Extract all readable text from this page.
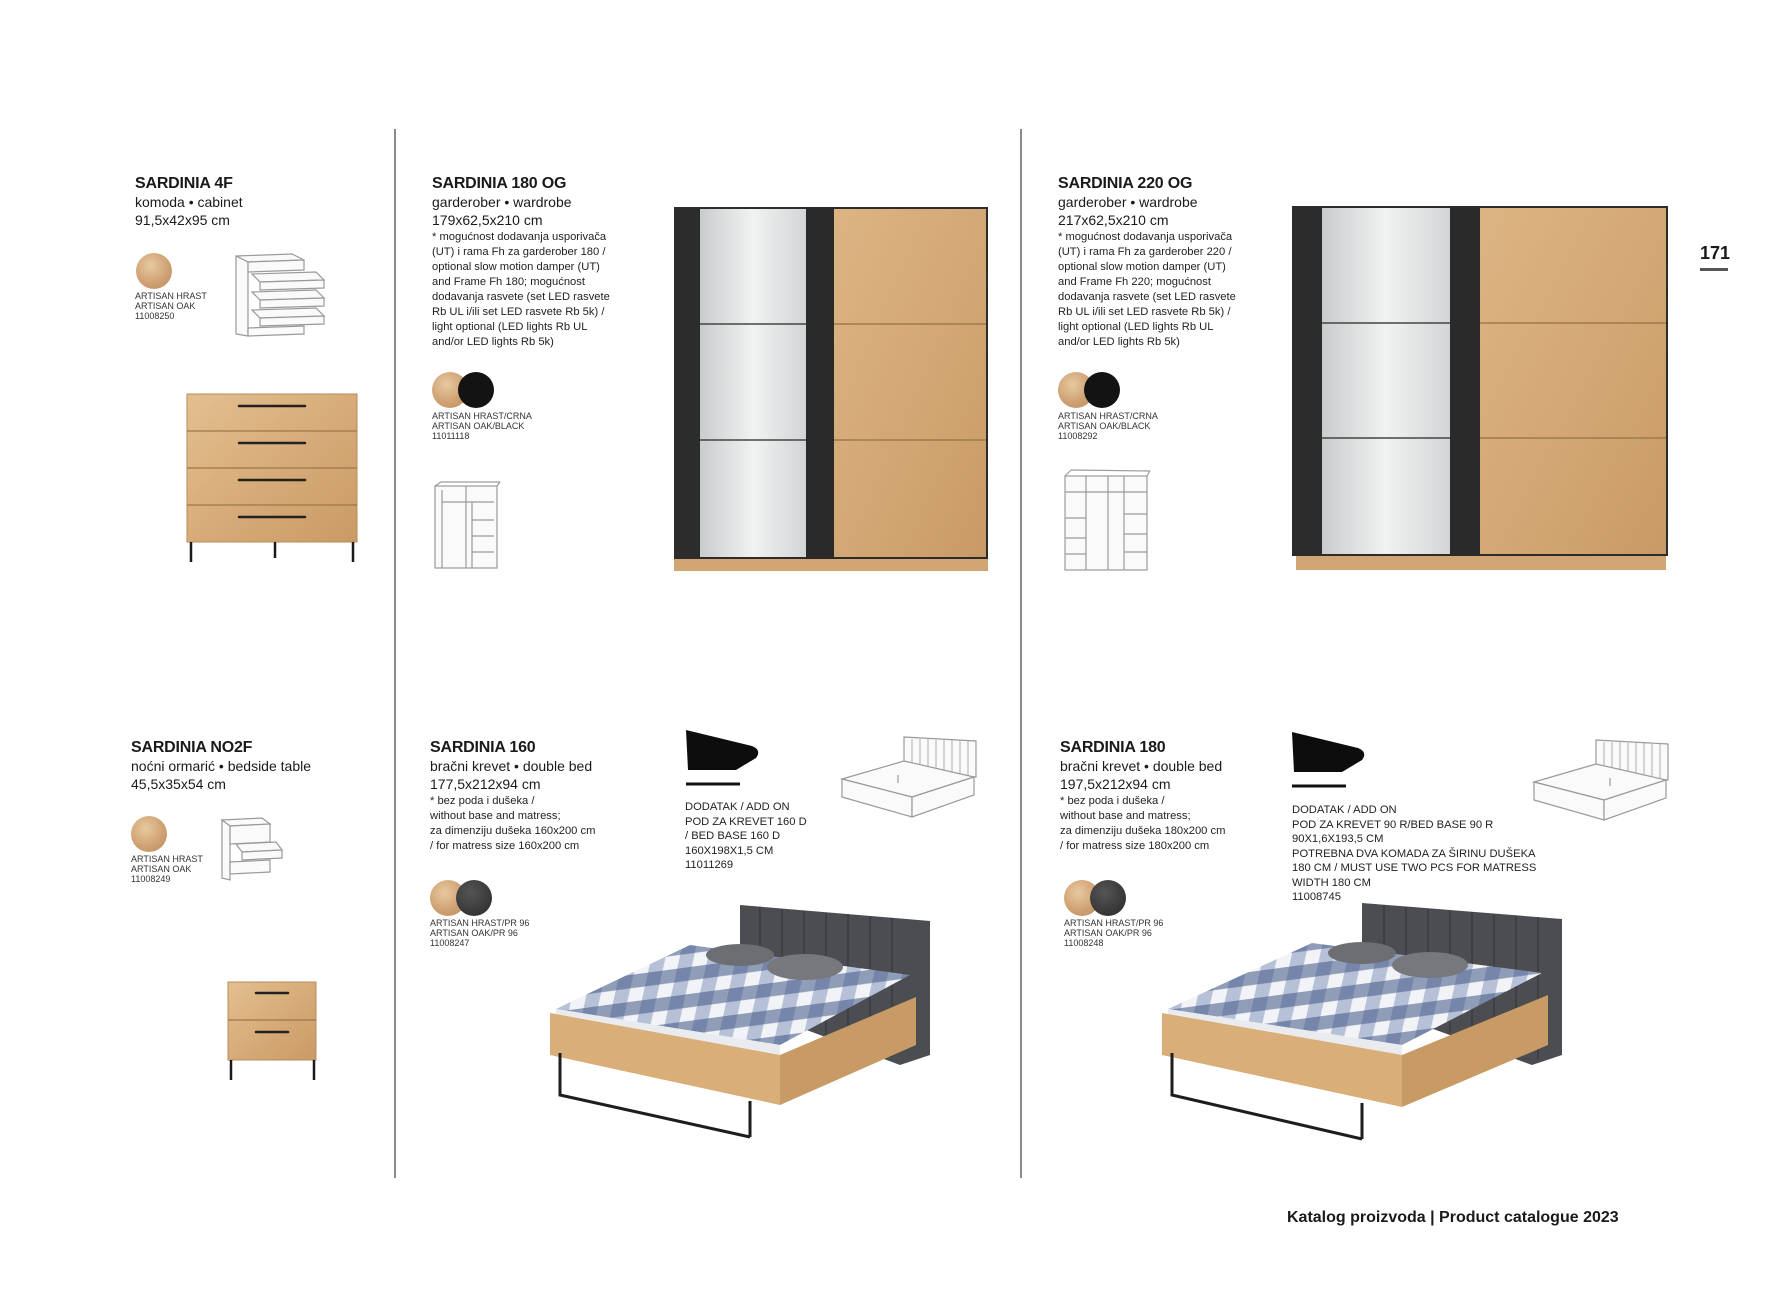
171
SARDINIA 4F
komoda • cabinet
91,5x42x95 cm
ARTISAN HRAST
ARTISAN OAK
11008250
SARDINIA 180 OG
garderober • wardrobe
179x62,5x210 cm
* mogućnost dodavanja usporivača
(UT) i rama Fh za garderober 180 /
optional slow motion damper (UT)
and Frame Fh 180; mogućnost
dodavanja rasvete (set LED rasvete
Rb UL i/ili set LED rasvete Rb 5k) /
light optional (LED lights Rb UL
and/or LED lights Rb 5k)
ARTISAN HRAST/CRNA
ARTISAN OAK/BLACK
11011118
SARDINIA 220 OG
garderober • wardrobe
217x62,5x210 cm
* mogućnost dodavanja usporivača
(UT) i rama Fh za garderober 220 /
optional slow motion damper (UT)
and Frame Fh 220; mogućnost
dodavanja rasvete (set LED rasvete
Rb UL i/ili set LED rasvete Rb 5k) /
light optional (LED lights Rb UL
and/or LED lights Rb 5k)
ARTISAN HRAST/CRNA
ARTISAN OAK/BLACK
11008292
SARDINIA NO2F
noćni ormarić • bedside table
45,5x35x54 cm
ARTISAN HRAST
ARTISAN OAK
11008249
SARDINIA 160
bračni krevet • double bed
177,5x212x94 cm
* bez poda i dušeka /
without base and matress;
za dimenziju dušeka 160x200 cm
/ for matress size 160x200 cm
ARTISAN HRAST/PR 96
ARTISAN OAK/PR 96
11008247
DODATAK / ADD ON
POD ZA KREVET 160 D
/ BED BASE 160 D
160X198X1,5 CM
11011269
SARDINIA 180
bračni krevet • double bed
197,5x212x94 cm
* bez poda i dušeka /
without base and matress;
za dimenziju dušeka 180x200 cm
/ for matress size 180x200 cm
ARTISAN HRAST/PR 96
ARTISAN OAK/PR 96
11008248
DODATAK / ADD ON
POD ZA KREVET 90 R/BED BASE 90 R
90X1,6X193,5 CM
POTREBNA DVA KOMADA ZA ŠIRINU DUŠEKA
180 CM / MUST USE TWO PCS FOR MATRESS
WIDTH 180 CM
11008745
Katalog proizvoda | Product catalogue 2023
